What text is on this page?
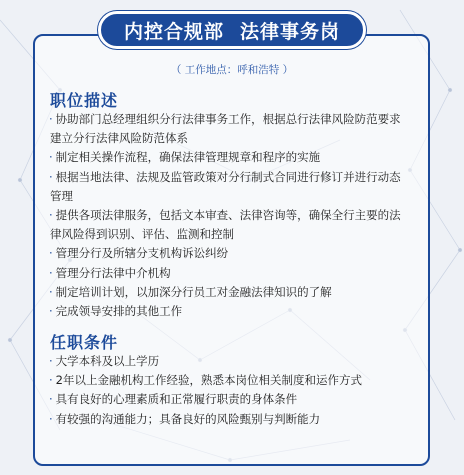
内控合规部 法律事务岗
（ 工作地点：呼和浩特 ）
职位描述
· 协助部门总经理组织分行法律事务工作，根据总行法律风险防范要求建立分行法律风险防范体系
· 制定相关操作流程，确保法律管理规章和程序的实施
· 根据当地法律、法规及监管政策对分行制式合同进行修订并进行动态管理
· 提供各项法律服务，包括文本审查、法律咨询等，确保全行主要的法律风险得到识别、评估、监测和控制
· 管理分行及所辖分支机构诉讼纠纷
· 管理分行法律中介机构
· 制定培训计划，以加深分行员工对金融法律知识的了解
· 完成领导安排的其他工作
任职条件
· 大学本科及以上学历
· 2年以上金融机构工作经验，熟悉本岗位相关制度和运作方式
· 具有良好的心理素质和正常履行职责的身体条件
· 有较强的沟通能力；具备良好的风险甄别与判断能力
